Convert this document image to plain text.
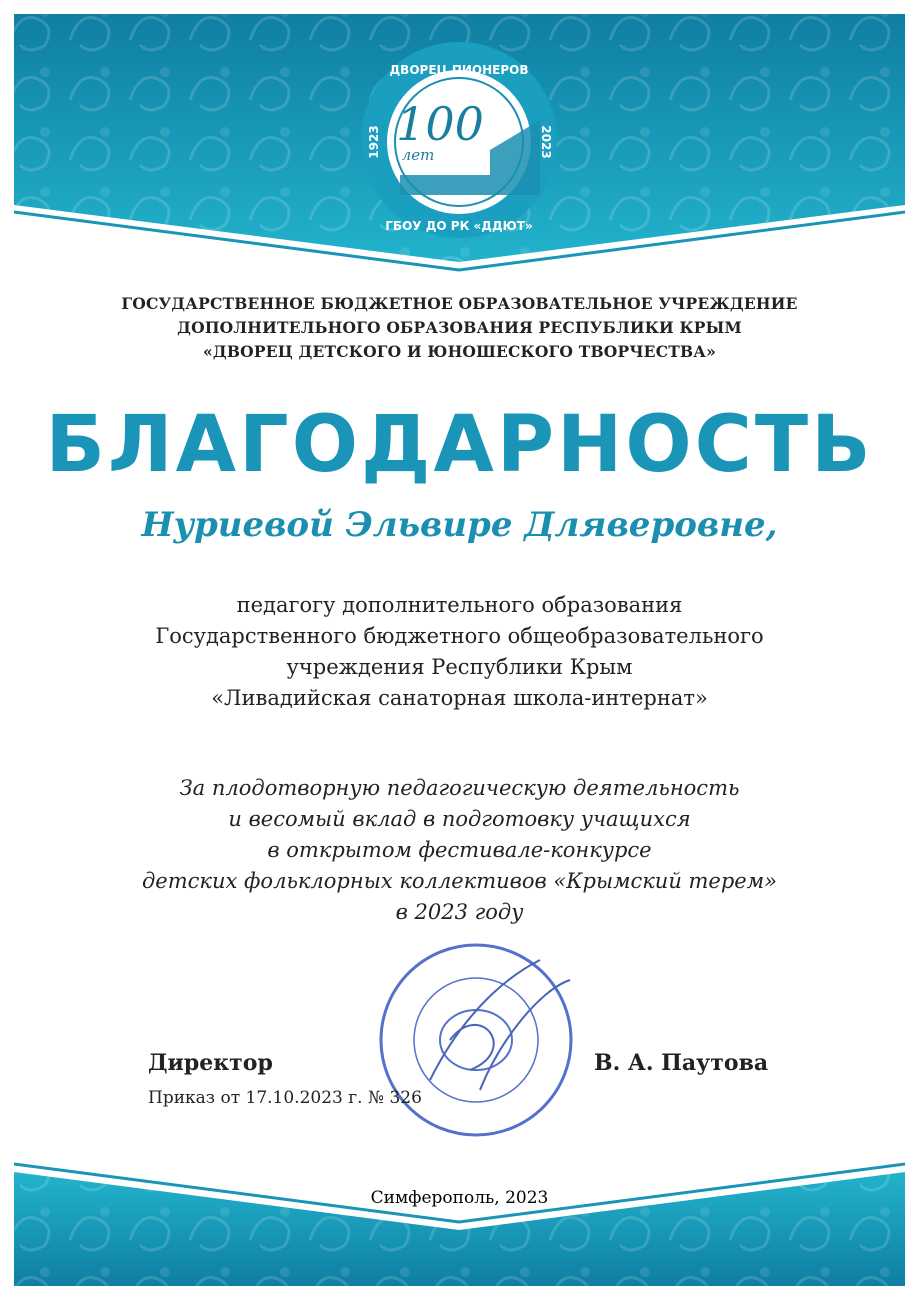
ДВОРЕЦ ПИОНЕРОВ
ГБОУ ДО РК «ДДЮТ»
1923	2023
100
лет
ГОСУДАРСТВЕННОЕ БЮДЖЕТНОЕ ОБРАЗОВАТЕЛЬНОЕ УЧРЕЖДЕНИЕ
ДОПОЛНИТЕЛЬНОГО ОБРАЗОВАНИЯ РЕСПУБЛИКИ КРЫМ
«ДВОРЕЦ ДЕТСКОГО И ЮНОШЕСКОГО ТВОРЧЕСТВА»
БЛАГОДАРНОСТЬ
Нуриевой Эльвире Дляверовне,
педагогу дополнительного образования
Государственного бюджетного общеобразовательного
учреждения Республики Крым
«Ливадийская санаторная школа-интернат»
За плодотворную педагогическую деятельность
и весомый вклад в подготовку учащихся
в открытом фестивале-конкурсе
детских фольклорных коллективов «Крымский терем»
в 2023 году
Директор
Приказ от 17.10.2023 г. № 326
В. А. Паутова
Симферополь, 2023
